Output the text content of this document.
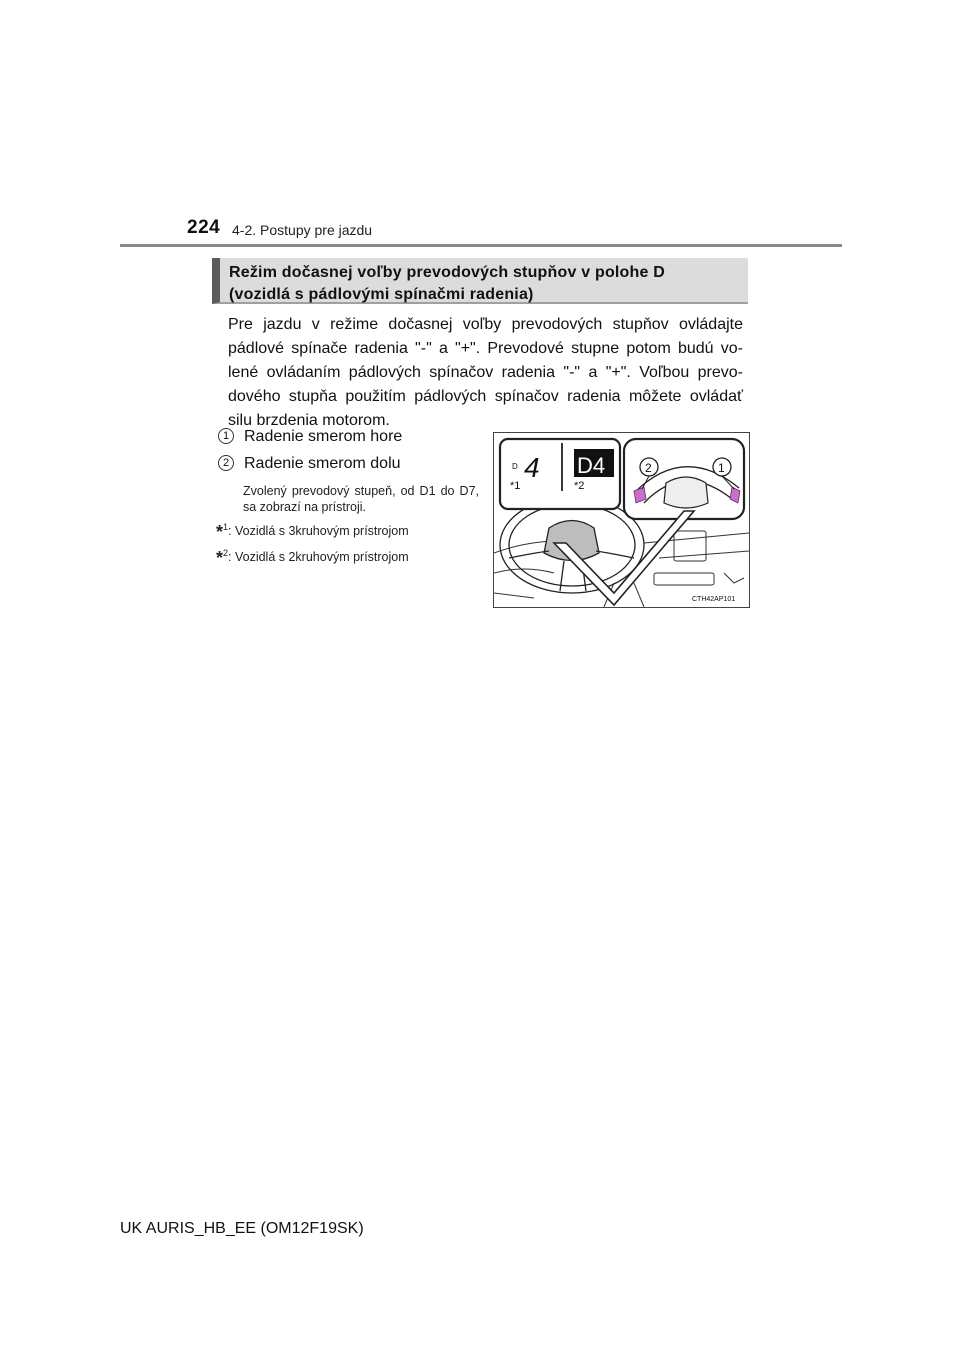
224 4-2. Postupy pre jazdu
Režim dočasnej voľby prevodových stupňov v polohe D
(vozidlá s pádlovými spínačmi radenia)

Pre jazdu v režime dočasnej voľby prevodových stupňov ovládajte pádlové spínače radenia "-" a "+". Prevodové stupne potom budú vo-lené ovládaním pádlových spínačov radenia "-" a "+". Voľbou prevo-dového stupňa použitím pádlových spínačov radenia môžete ovládať silu brzdenia motorom.

1 Radenie smerom hore
2 Radenie smerom dolu
Zvolený prevodový stupeň, od D1 do D7, sa zobrazí na prístroji.
*$^1$: Vozidlá s 3kruhovým prístrojom
*$^2$: Vozidlá s 2kruhovým prístrojom
D 4 D4
*1	*2
2	1
CTH42AP101
UK AURIS_HB_EE (OM12F19SK)
